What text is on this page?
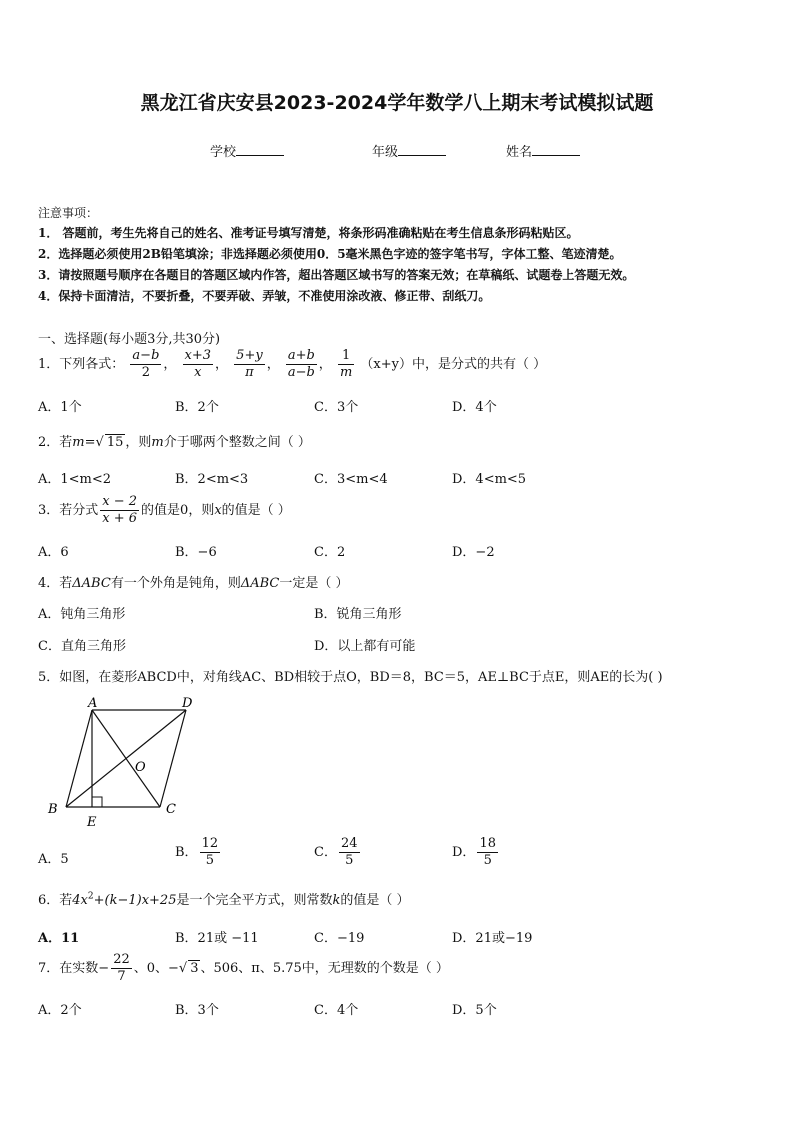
黑龙江省庆安县2023-2024学年数学八上期末考试模拟试题
学校	年级	姓名
注意事项：
1． 答题前，考生先将自己的姓名、准考证号填写清楚，将条形码准确粘贴在考生信息条形码粘贴区。
2．选择题必须使用2B铅笔填涂；非选择题必须使用0．5毫米黑色字迹的签字笔书写，字体工整、笔迹清楚。
3．请按照题号顺序在各题目的答题区域内作答，超出答题区域书写的答案无效；在草稿纸、试题卷上答题无效。
4．保持卡面清洁，不要折叠，不要弄破、弄皱，不准使用涂改液、修正带、刮纸刀。
一、选择题(每小题3分,共30分)
1．下列各式： $\frac{a-b}{2}$ ， $\frac{x+3}{x}$ ， $\frac{5+y}{\pi}$ ， $\frac{a+b}{a-b}$ ， $\frac{1}{m} (x+y)$中，是分式的共有（ ）
A．1个	B．2个	C．3个	D．4个
2．若m=√ 15 ，则m介于哪两个整数之间（ ）
A．1<m<2	B．2<m<3	C．3<m<4	D．4<m<5
3．若分式 $\frac{x - 2}{x + 6}$ 的值是0，则x的值是（ ）
A．6	B．−6	C．2	D．−2
4．若ΔABC有一个外角是钝角，则ΔABC一定是（ ）
A．钝角三角形	B．锐角三角形
C．直角三角形	D．以上都有可能
5．如图，在菱形ABCD中，对角线AC、BD相较于点O，BD＝8，BC＝5，AE⊥BC于点E，则AE的长为( )
A	D
B	C
E
O
A．5	B． $\frac{12}{5}$	C． $\frac{24}{5}$	D． $\frac{18}{5}$
6．若$4x^2+(k-1)x+25$是一个完全平方式，则常数k的值是（ ）
A．11	B．21或 −11	C．−19	D．21或−19
7．在实数− $\frac{22}{7}$ 、0、−√ 3 、506、π、5.75中，无理数的个数是（ ）
A．2个	B．3个	C．4个	D．5个
